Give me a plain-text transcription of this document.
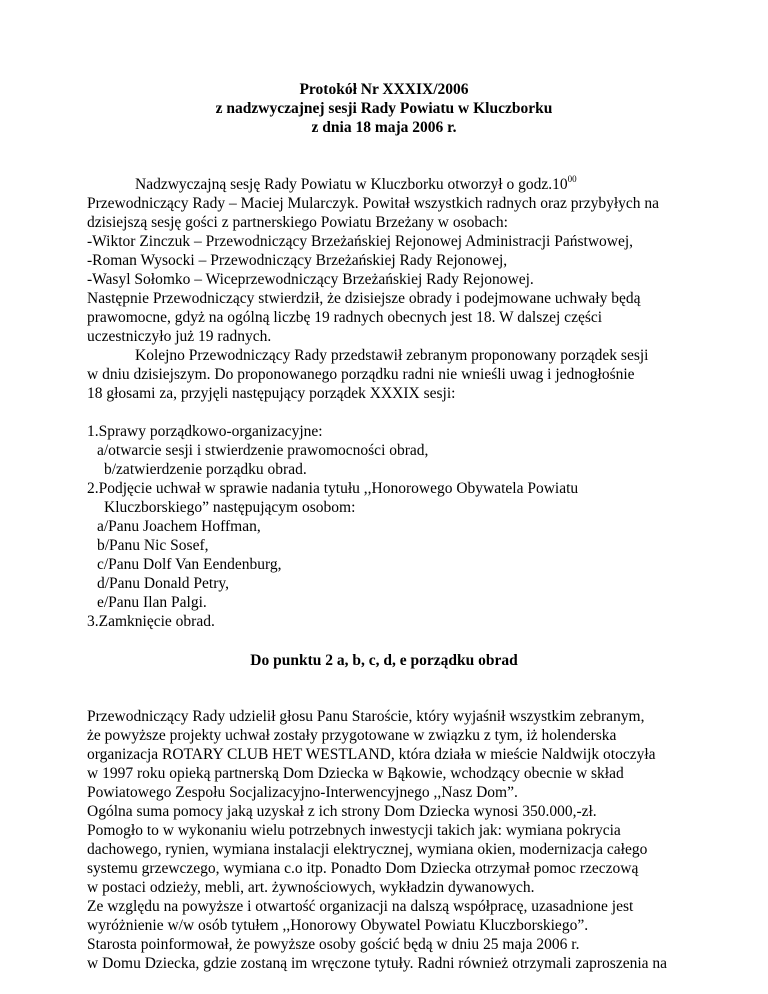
Protokół Nr XXXIX/2006
z nadzwyczajnej sesji Rady Powiatu w Kluczborku
z dnia 18 maja 2006 r.
Nadzwyczajną sesję Rady Powiatu w Kluczborku otworzył o $godz.10^{00}$
Przewodniczący Rady – Maciej Mularczyk. Powitał wszystkich radnych oraz przybyłych na
dzisiejszą sesję gości z partnerskiego Powiatu Brzeżany w osobach:
-Wiktor Zinczuk – Przewodniczący Brzeżańskiej Rejonowej Administracji Państwowej,
-Roman Wysocki – Przewodniczący Brzeżańskiej Rady Rejonowej,
-Wasyl Sołomko – Wiceprzewodniczący Brzeżańskiej Rady Rejonowej.
Następnie Przewodniczący stwierdził, że dzisiejsze obrady i podejmowane uchwały będą
prawomocne, gdyż na ogólną liczbę 19 radnych obecnych jest 18. W dalszej części
uczestniczyło już 19 radnych.
Kolejno Przewodniczący Rady przedstawił zebranym proponowany porządek sesji
w dniu dzisiejszym. Do proponowanego porządku radni nie wnieśli uwag i jednogłośnie
18 głosami za, przyjęli następujący porządek XXXIX sesji:
1.Sprawy porządkowo-organizacyjne:
a/otwarcie sesji i stwierdzenie prawomocności obrad,
b/zatwierdzenie porządku obrad.
2.Podjęcie uchwał w sprawie nadania tytułu ,,Honorowego Obywatela Powiatu
Kluczborskiego” następującym osobom:
a/Panu Joachem Hoffman,
b/Panu Nic Sosef,
c/Panu Dolf Van Eendenburg,
d/Panu Donald Petry,
e/Panu Ilan Palgi.
3.Zamknięcie obrad.
Do punktu 2 a, b, c, d, e porządku obrad
Przewodniczący Rady udzielił głosu Panu Staroście, który wyjaśnił wszystkim zebranym,
że powyższe projekty uchwał zostały przygotowane w związku z tym, iż holenderska
organizacja ROTARY CLUB HET WESTLAND, która działa w mieście Naldwijk otoczyła
w 1997 roku opieką partnerską Dom Dziecka w Bąkowie, wchodzący obecnie w skład
Powiatowego Zespołu Socjalizacyjno-Interwencyjnego ,,Nasz Dom”.
Ogólna suma pomocy jaką uzyskał z ich strony Dom Dziecka wynosi 350.000,-zł.
Pomogło to w wykonaniu wielu potrzebnych inwestycji takich jak: wymiana pokrycia
dachowego, rynien, wymiana instalacji elektrycznej, wymiana okien, modernizacja całego
systemu grzewczego, wymiana c.o itp. Ponadto Dom Dziecka otrzymał pomoc rzeczową
w postaci odzieży, mebli, art. żywnościowych, wykładzin dywanowych.
Ze względu na powyższe i otwartość organizacji na dalszą współpracę, uzasadnione jest
wyróżnienie w/w osób tytułem ,,Honorowy Obywatel Powiatu Kluczborskiego”.
Starosta poinformował, że powyższe osoby gościć będą w dniu 25 maja 2006 r.
w Domu Dziecka, gdzie zostaną im wręczone tytuły. Radni również otrzymali zaproszenia na
